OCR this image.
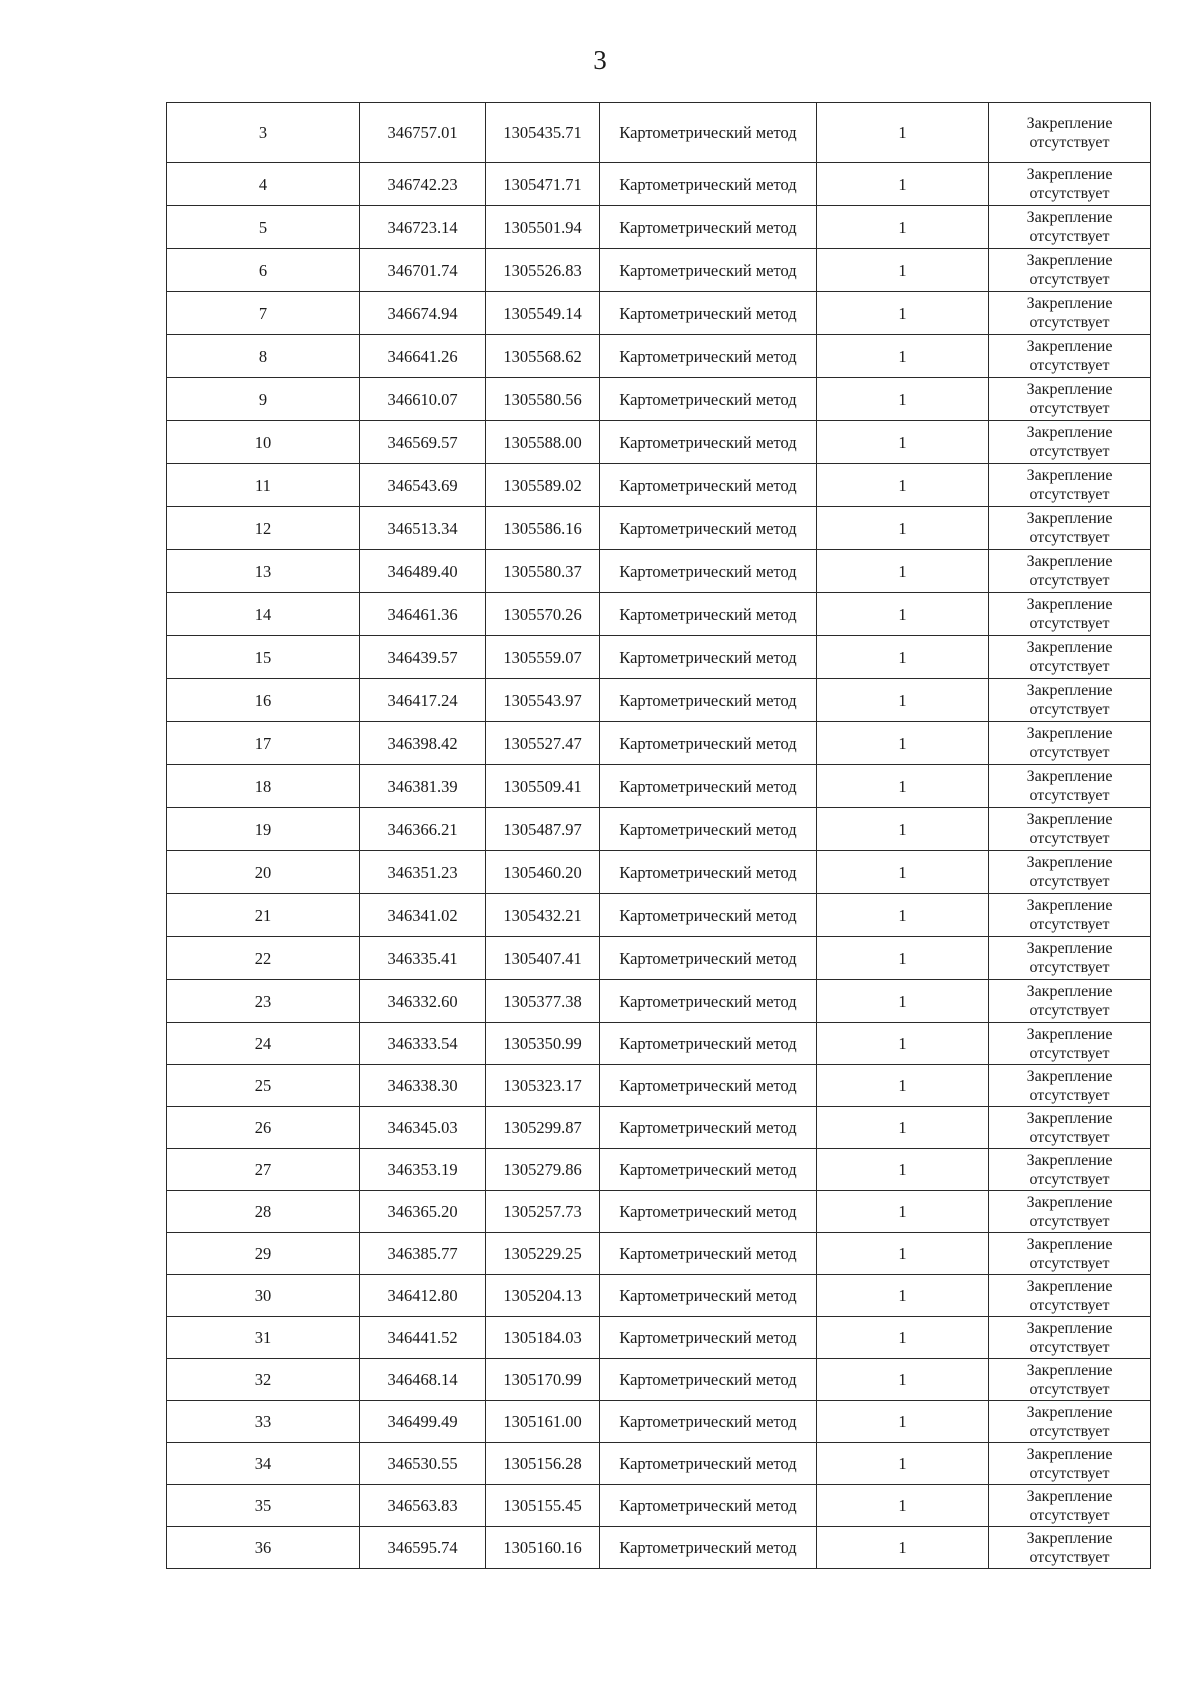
3
3	346757.01	1305435.71	Картометрический метод	1	Закрепление
отсутствует

4	346742.23	1305471.71	Картометрический метод	1	Закрепление
отсутствует

5	346723.14	1305501.94	Картометрический метод	1	Закрепление
отсутствует

6	346701.74	1305526.83	Картометрический метод	1	Закрепление
отсутствует

7	346674.94	1305549.14	Картометрический метод	1	Закрепление
отсутствует

8	346641.26	1305568.62	Картометрический метод	1	Закрепление
отсутствует

9	346610.07	1305580.56	Картометрический метод	1	Закрепление
отсутствует

10	346569.57	1305588.00	Картометрический метод	1	Закрепление
отсутствует

11	346543.69	1305589.02	Картометрический метод	1	Закрепление
отсутствует

12	346513.34	1305586.16	Картометрический метод	1	Закрепление
отсутствует

13	346489.40	1305580.37	Картометрический метод	1	Закрепление
отсутствует

14	346461.36	1305570.26	Картометрический метод	1	Закрепление
отсутствует

15	346439.57	1305559.07	Картометрический метод	1	Закрепление
отсутствует

16	346417.24	1305543.97	Картометрический метод	1	Закрепление
отсутствует

17	346398.42	1305527.47	Картометрический метод	1	Закрепление
отсутствует

18	346381.39	1305509.41	Картометрический метод	1	Закрепление
отсутствует

19	346366.21	1305487.97	Картометрический метод	1	Закрепление
отсутствует

20	346351.23	1305460.20	Картометрический метод	1	Закрепление
отсутствует

21	346341.02	1305432.21	Картометрический метод	1	Закрепление
отсутствует

22	346335.41	1305407.41	Картометрический метод	1	Закрепление
отсутствует

23	346332.60	1305377.38	Картометрический метод	1	Закрепление
отсутствует

24	346333.54	1305350.99	Картометрический метод	1	Закрепление
отсутствует

25	346338.30	1305323.17	Картометрический метод	1	Закрепление
отсутствует

26	346345.03	1305299.87	Картометрический метод	1	Закрепление
отсутствует

27	346353.19	1305279.86	Картометрический метод	1	Закрепление
отсутствует

28	346365.20	1305257.73	Картометрический метод	1	Закрепление
отсутствует

29	346385.77	1305229.25	Картометрический метод	1	Закрепление
отсутствует

30	346412.80	1305204.13	Картометрический метод	1	Закрепление
отсутствует

31	346441.52	1305184.03	Картометрический метод	1	Закрепление
отсутствует

32	346468.14	1305170.99	Картометрический метод	1	Закрепление
отсутствует

33	346499.49	1305161.00	Картометрический метод	1	Закрепление
отсутствует

34	346530.55	1305156.28	Картометрический метод	1	Закрепление
отсутствует

35	346563.83	1305155.45	Картометрический метод	1	Закрепление
отсутствует

36	346595.74	1305160.16	Картометрический метод	1	Закрепление
отсутствует
